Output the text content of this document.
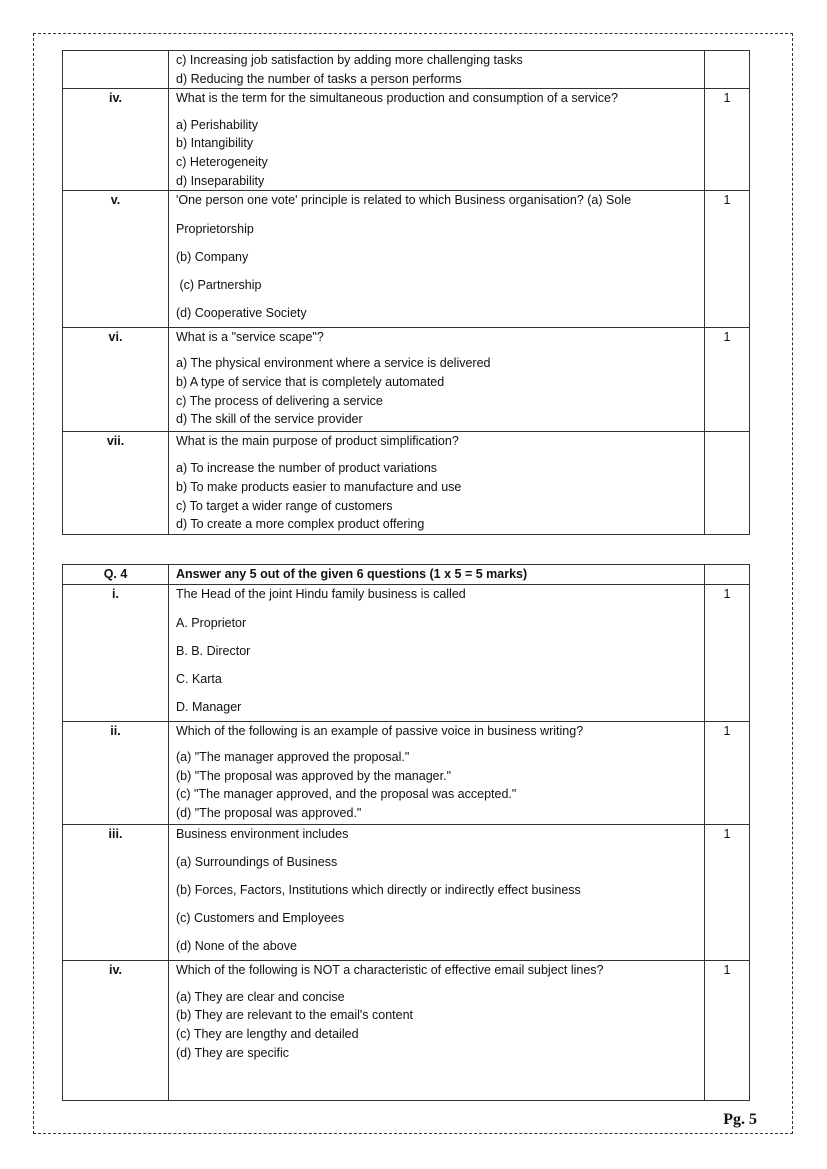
	c) Increasing job satisfaction by adding more challenging tasks
d) Reducing the number of tasks a person performs	

iv.	What is the term for the simultaneous production and consumption of a service?
a) Perishability
b) Intangibility
c) Heterogeneity
d) Inseparability	1
v.	'One person one vote' principle is related to which Business organisation? (a) Sole
Proprietorship
(b) Company
(c) Partnership
(d) Cooperative Society	1
vi.	What is a "service scape"?
a) The physical environment where a service is delivered
b) A type of service that is completely automated
c) The process of delivering a service
d) The skill of the service provider	1
vii.	What is the main purpose of product simplification?
a) To increase the number of product variations
b) To make products easier to manufacture and use
c) To target a wider range of customers
d) To create a more complex product offering	

Q. 4	Answer any 5 out of the given 6 questions (1 x 5 = 5 marks)	
i.	The Head of the joint Hindu family business is called
A. Proprietor
B. B. Director
C. Karta
D. Manager	1
ii.	Which of the following is an example of passive voice in business writing?
(a) "The manager approved the proposal."
(b) "The proposal was approved by the manager."
(c) "The manager approved, and the proposal was accepted."
(d) "The proposal was approved."	1
iii.	Business environment includes
(a) Surroundings of Business
(b) Forces, Factors, Institutions which directly or indirectly effect business
(c) Customers and Employees
(d) None of the above	1
iv.	Which of the following is NOT a characteristic of effective email subject lines?
(a) They are clear and concise
(b) They are relevant to the email's content
(c) They are lengthy and detailed
(d) They are specific	1
Pg. 5
